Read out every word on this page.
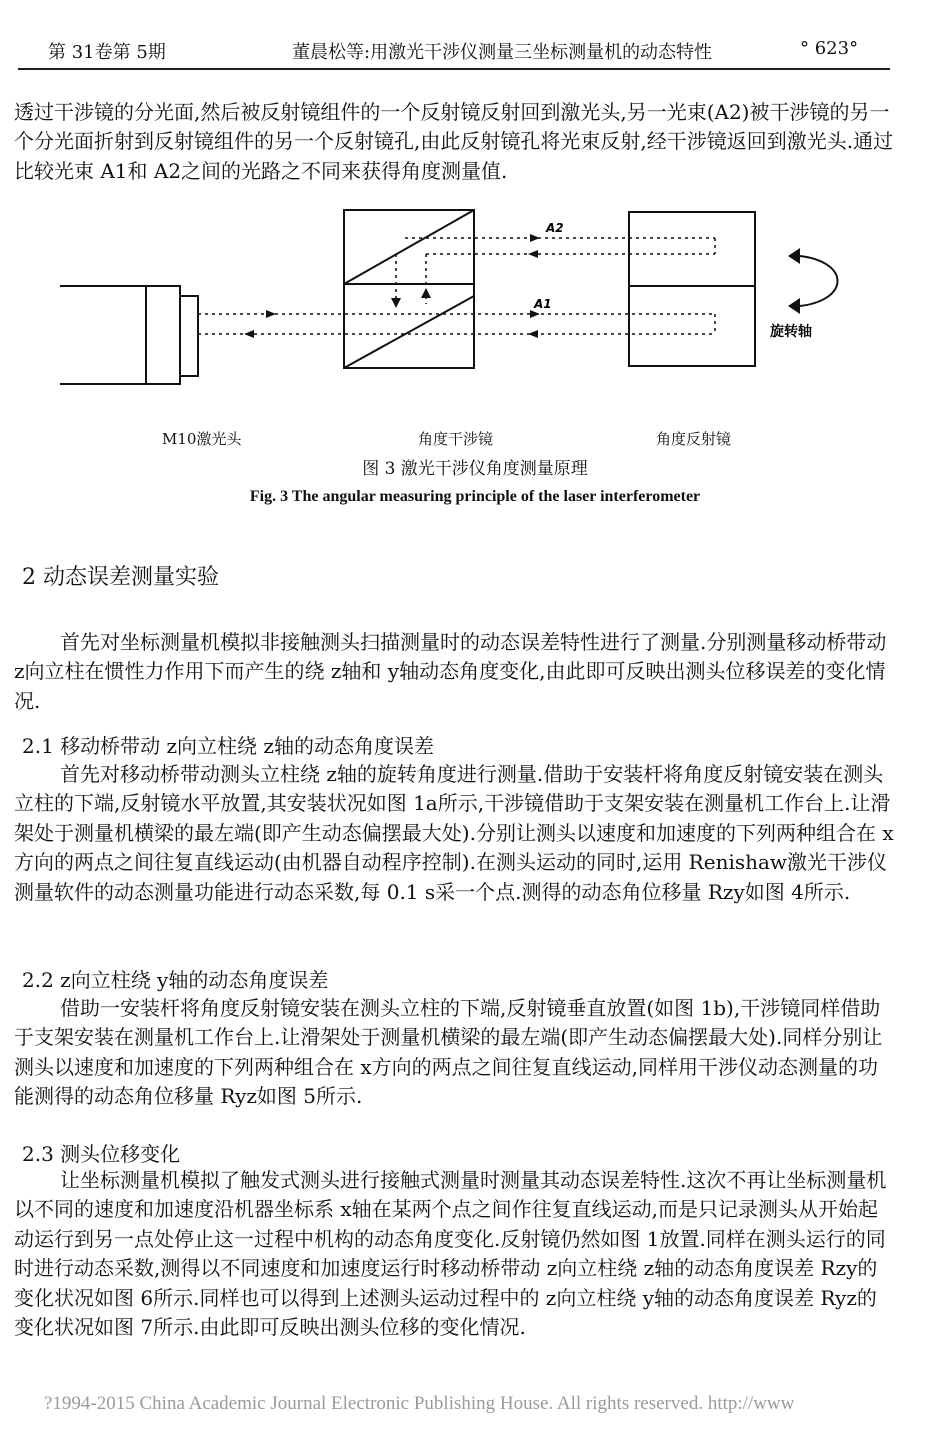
第 31卷第 5期	董晨松等:用激光干涉仪测量三坐标测量机的动态特性	° 623°

透过干涉镜的分光面,然后被反射镜组件的一个反射镜反射回到激光头,另一光束(A2)被干涉镜的另一个分光面折射到反射镜组件的另一个反射镜孔,由此反射镜孔将光束反射,经干涉镜返回到激光头.通过比较光束 A1和 A2之间的光路之不同来获得角度测量值.

A2
A1
旋转轴
M10激光头	角度干涉镜	角度反射镜
图 3 激光干涉仪角度测量原理
Fig. 3 The angular measuring principle of the laser interferometer
2 动态误差测量实验

首先对坐标测量机模拟非接触测头扫描测量时的动态误差特性进行了测量.分别测量移动桥带动 z向立柱在惯性力作用下而产生的绕 z轴和 y轴动态角度变化,由此即可反映出测头位移误差的变化情况.

2.1 移动桥带动 z向立柱绕 z轴的动态角度误差

首先对移动桥带动测头立柱绕 z轴的旋转角度进行测量.借助于安装杆将角度反射镜安装在测头立柱的下端,反射镜水平放置,其安装状况如图 1a所示,干涉镜借助于支架安装在测量机工作台上.让滑架处于测量机横梁的最左端(即产生动态偏摆最大处).分别让测头以速度和加速度的下列两种组合在 x方向的两点之间往复直线运动(由机器自动程序控制).在测头运动的同时,运用 Renishaw激光干涉仪测量软件的动态测量功能进行动态采数,每 0.1 s采一个点.测得的动态角位移量 Rzy如图 4所示.

2.2 z向立柱绕 y轴的动态角度误差

借助一安装杆将角度反射镜安装在测头立柱的下端,反射镜垂直放置(如图 1b),干涉镜同样借助于支架安装在测量机工作台上.让滑架处于测量机横梁的最左端(即产生动态偏摆最大处).同样分别让测头以速度和加速度的下列两种组合在 x方向的两点之间往复直线运动,同样用干涉仪动态测量的功能测得的动态角位移量 Ryz如图 5所示.

2.3 测头位移变化

让坐标测量机模拟了触发式测头进行接触式测量时测量其动态误差特性.这次不再让坐标测量机以不同的速度和加速度沿机器坐标系 x轴在某两个点之间作往复直线运动,而是只记录测头从开始起动运行到另一点处停止这一过程中机构的动态角度变化.反射镜仍然如图 1放置.同样在测头运行的同时进行动态采数,测得以不同速度和加速度运行时移动桥带动 z向立柱绕 z轴的动态角度误差 Rzy的变化状况如图 6所示.同样也可以得到上述测头运动过程中的 z向立柱绕 y轴的动态角度误差 Ryz的变化状况如图 7所示.由此即可反映出测头位移的变化情况.

?1994-2015 China Academic Journal Electronic Publishing House. All rights reserved. http://www
